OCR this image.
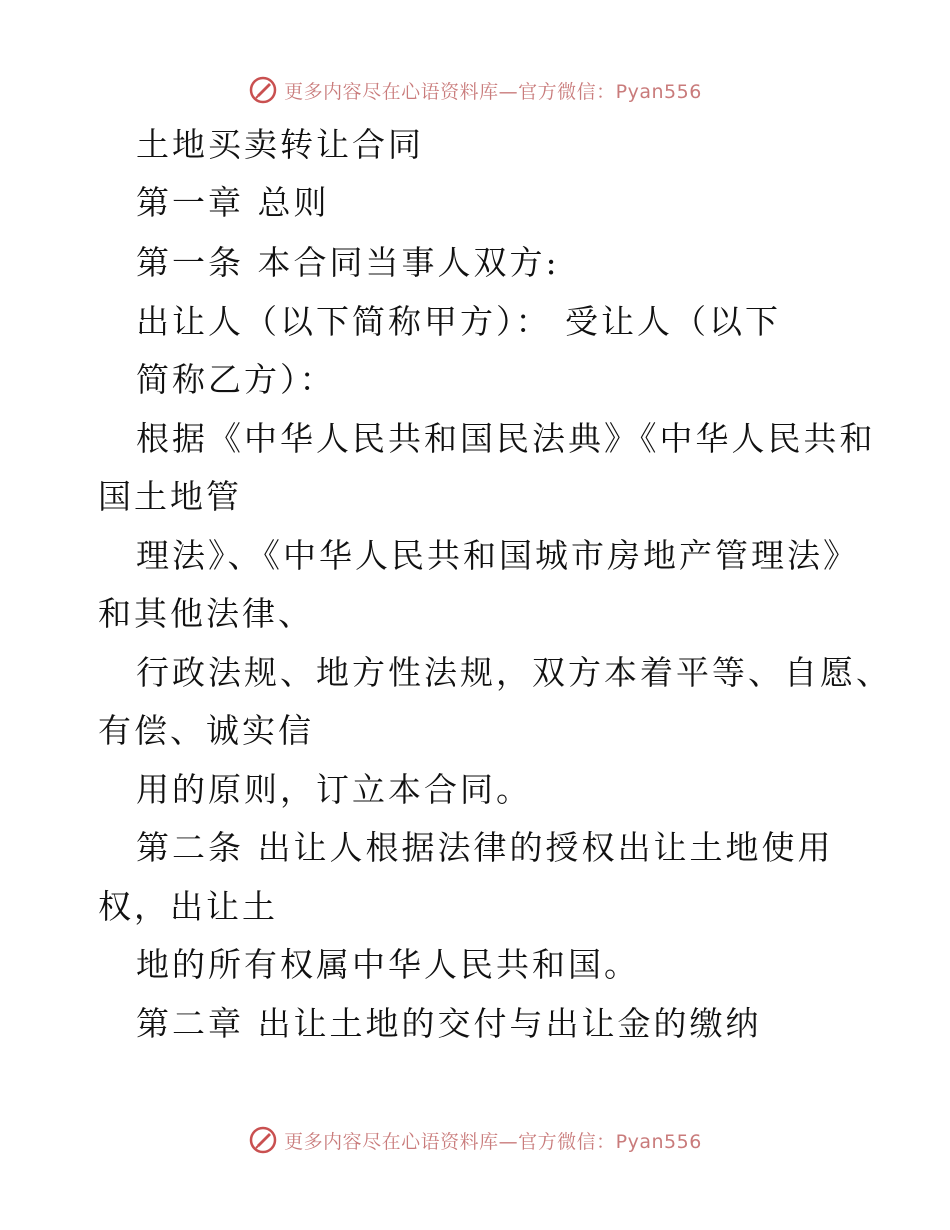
更多内容尽在心语资料库—官方微信：Pyan556
土地买卖转让合同
第一章 总则
第一条 本合同当事人双方:
出让人（以下简称甲方）： 受让人（以下
简称乙方）：
根据《中华人民共和国民法典》《中华人民共和
国土地管
理法》、《中华人民共和国城市房地产管理法》
和其他法律、
行政法规、地方性法规，双方本着平等、自愿、
有偿、诚实信
用的原则，订立本合同。
第二条 出让人根据法律的授权出让土地使用
权，出让土
地的所有权属中华人民共和国。
第二章 出让土地的交付与出让金的缴纳
更多内容尽在心语资料库—官方微信：Pyan556
